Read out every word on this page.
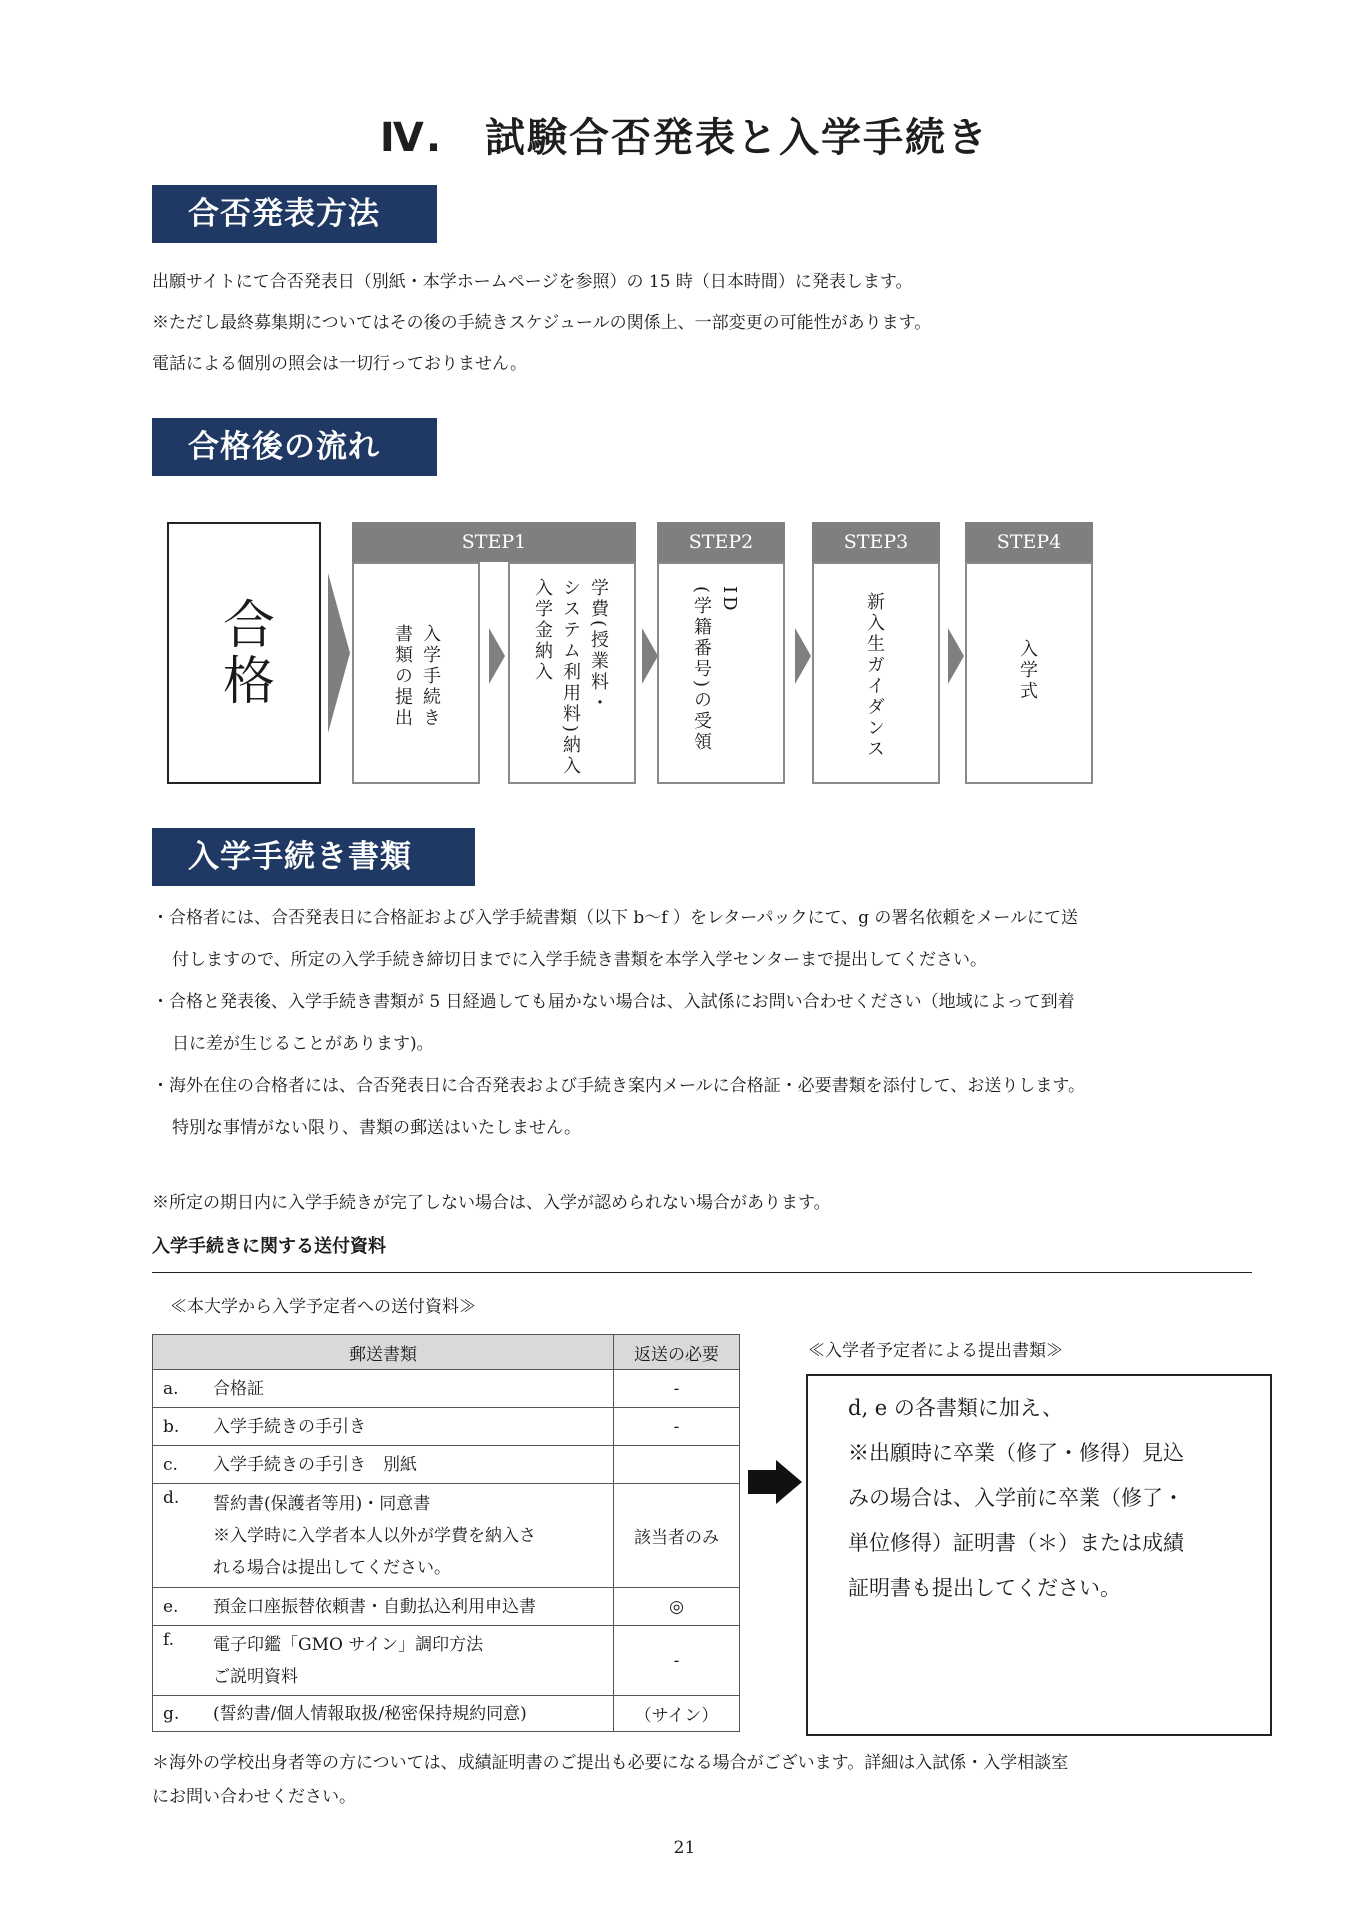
Ⅳ.　試験合否発表と入学手続き
合否発表方法
出願サイトにて合否発表日（別紙・本学ホームページを参照）の 15 時（日本時間）に発表します。
※ただし最終募集期についてはその後の手続きスケジュールの関係上、一部変更の可能性があります。
電話による個別の照会は一切行っておりません。
合格後の流れ
合格
STEP1
入学手続き
書類の提出	学費(授業料・
システム利用料)納入
入学金納入
STEP2
ID
(学籍番号)の受領
STEP3
新入生ガイダンス
STEP4
入学式
入学手続き書類
・合格者には、合否発表日に合格証および入学手続書類（以下 b～f ）をレターパックにて、g の署名依頼をメールにて送
付しますので、所定の入学手続き締切日までに入学手続き書類を本学入学センターまで提出してください。
・合格と発表後、入学手続き書類が 5 日経過しても届かない場合は、入試係にお問い合わせください（地域によって到着
日に差が生じることがあります)。
・海外在住の合格者には、合否発表日に合否発表および手続き案内メールに合格証・必要書類を添付して、お送りします。
特別な事情がない限り、書類の郵送はいたしません。
※所定の期日内に入学手続きが完了しない場合は、入学が認められない場合があります。
入学手続きに関する送付資料
≪本大学から入学予定者への送付資料≫
郵送書類		返送の必要
a.	合格証	-
b.	入学手続きの手引き	-
c.	入学手続きの手引き　別紙	
d.	誓約書(保護者等用)・同意書
※入学時に入学者本人以外が学費を納入さ
れる場合は提出してください。	該当者のみ
e.	預金口座振替依頼書・自動払込利用申込書	◎
f.	電子印鑑「GMO サイン」調印方法
ご説明資料	-
g.	(誓約書/個人情報取扱/秘密保持規約同意)	（サイン）
≪入学者予定者による提出書類≫
d, e の各書類に加え、
※出願時に卒業（修了・修得）見込
みの場合は、入学前に卒業（修了・
単位修得）証明書（＊）または成績
証明書も提出してください。
＊海外の学校出身者等の方については、成績証明書のご提出も必要になる場合がございます。詳細は入試係・入学相談室
にお問い合わせください。
21
